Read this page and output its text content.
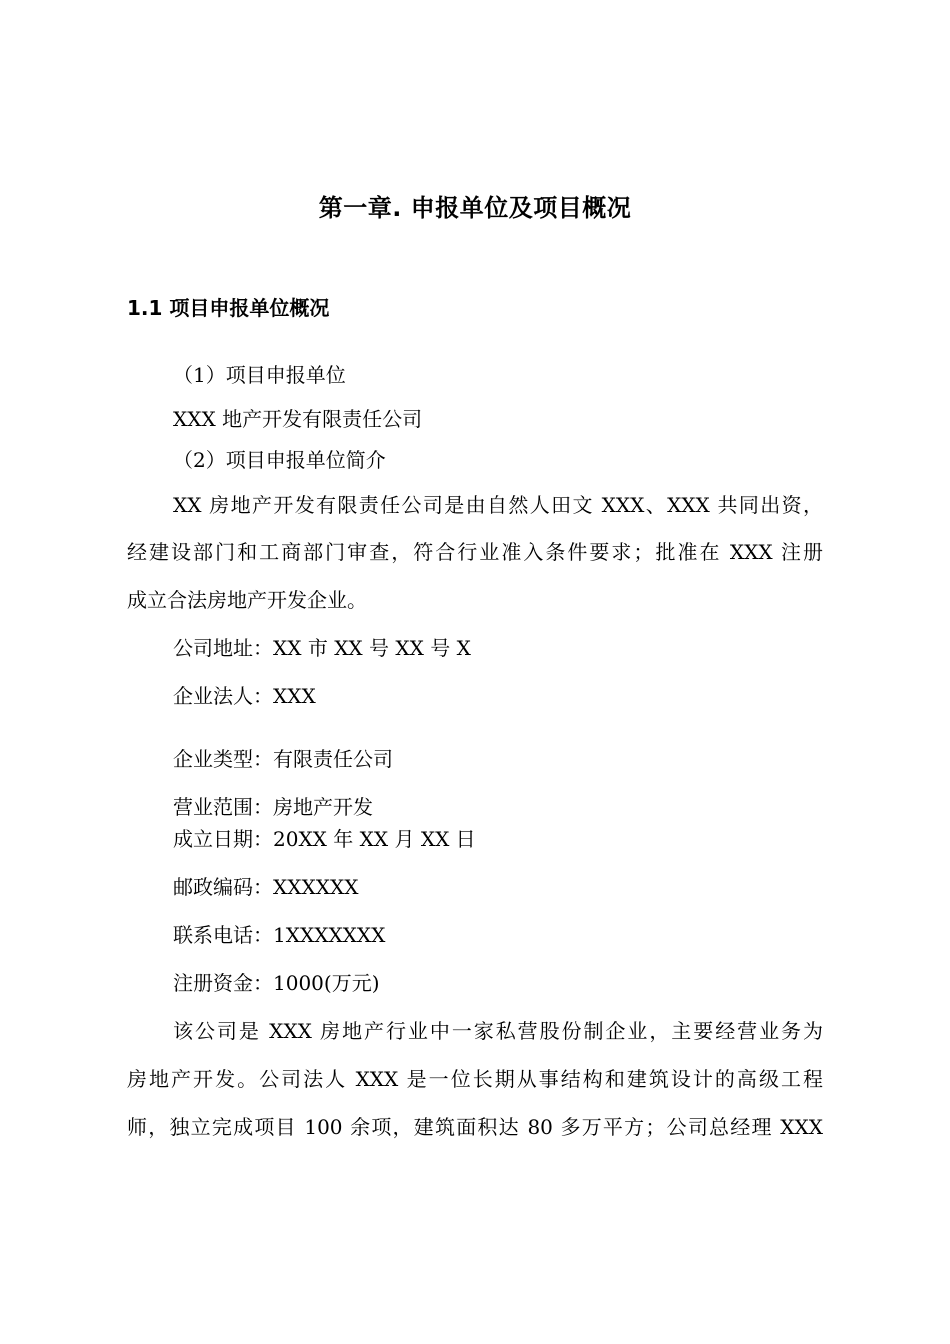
第一章. 申报单位及项目概况
1.1 项目申报单位概况
（1）项目申报单位
XXX 地产开发有限责任公司
（2）项目申报单位简介
XX 房地产开发有限责任公司是由自然人田文 XXX、XXX 共同出资，
经建设部门和工商部门审查，符合行业准入条件要求；批准在 XXX 注册
成立合法房地产开发企业。
公司地址：XX 市 XX 号 XX 号 X
企业法人：XXX
企业类型：有限责任公司
营业范围：房地产开发
成立日期：20XX 年 XX 月 XX 日
邮政编码：XXXXXX
联系电话：1XXXXXXX
注册资金：1000(万元)
该公司是 XXX 房地产行业中一家私营股份制企业，主要经营业务为
房地产开发。公司法人 XXX 是一位长期从事结构和建筑设计的高级工程
师，独立完成项目 100 余项，建筑面积达 80 多万平方；公司总经理 XXX
